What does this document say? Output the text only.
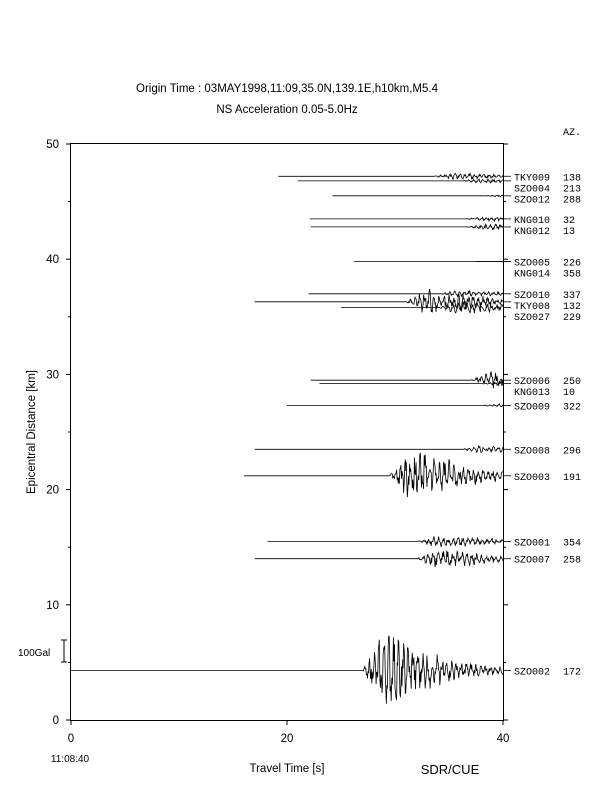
Origin Time : 03MAY1998,11:09,35.0N,139.1E,h10km,M5.4
NS Acceleration 0.05-5.0Hz
AZ.
0
10
20
30
40
50
0	20	40
TKY009 138
SZO004 213
SZO012 288
KNG010 32
KNG012 13
SZO005 226
KNG014 358
SZO010 337
TKY008 132
SZO027 229
SZO006 250
KNG013 10
SZO009 322
SZO008 296
SZO003 191
SZO001 354
SZO007 258
SZO002 172
Epicentral Distance [km]
Travel Time [s]
11:08:40
SDR/CUE
100Gal
